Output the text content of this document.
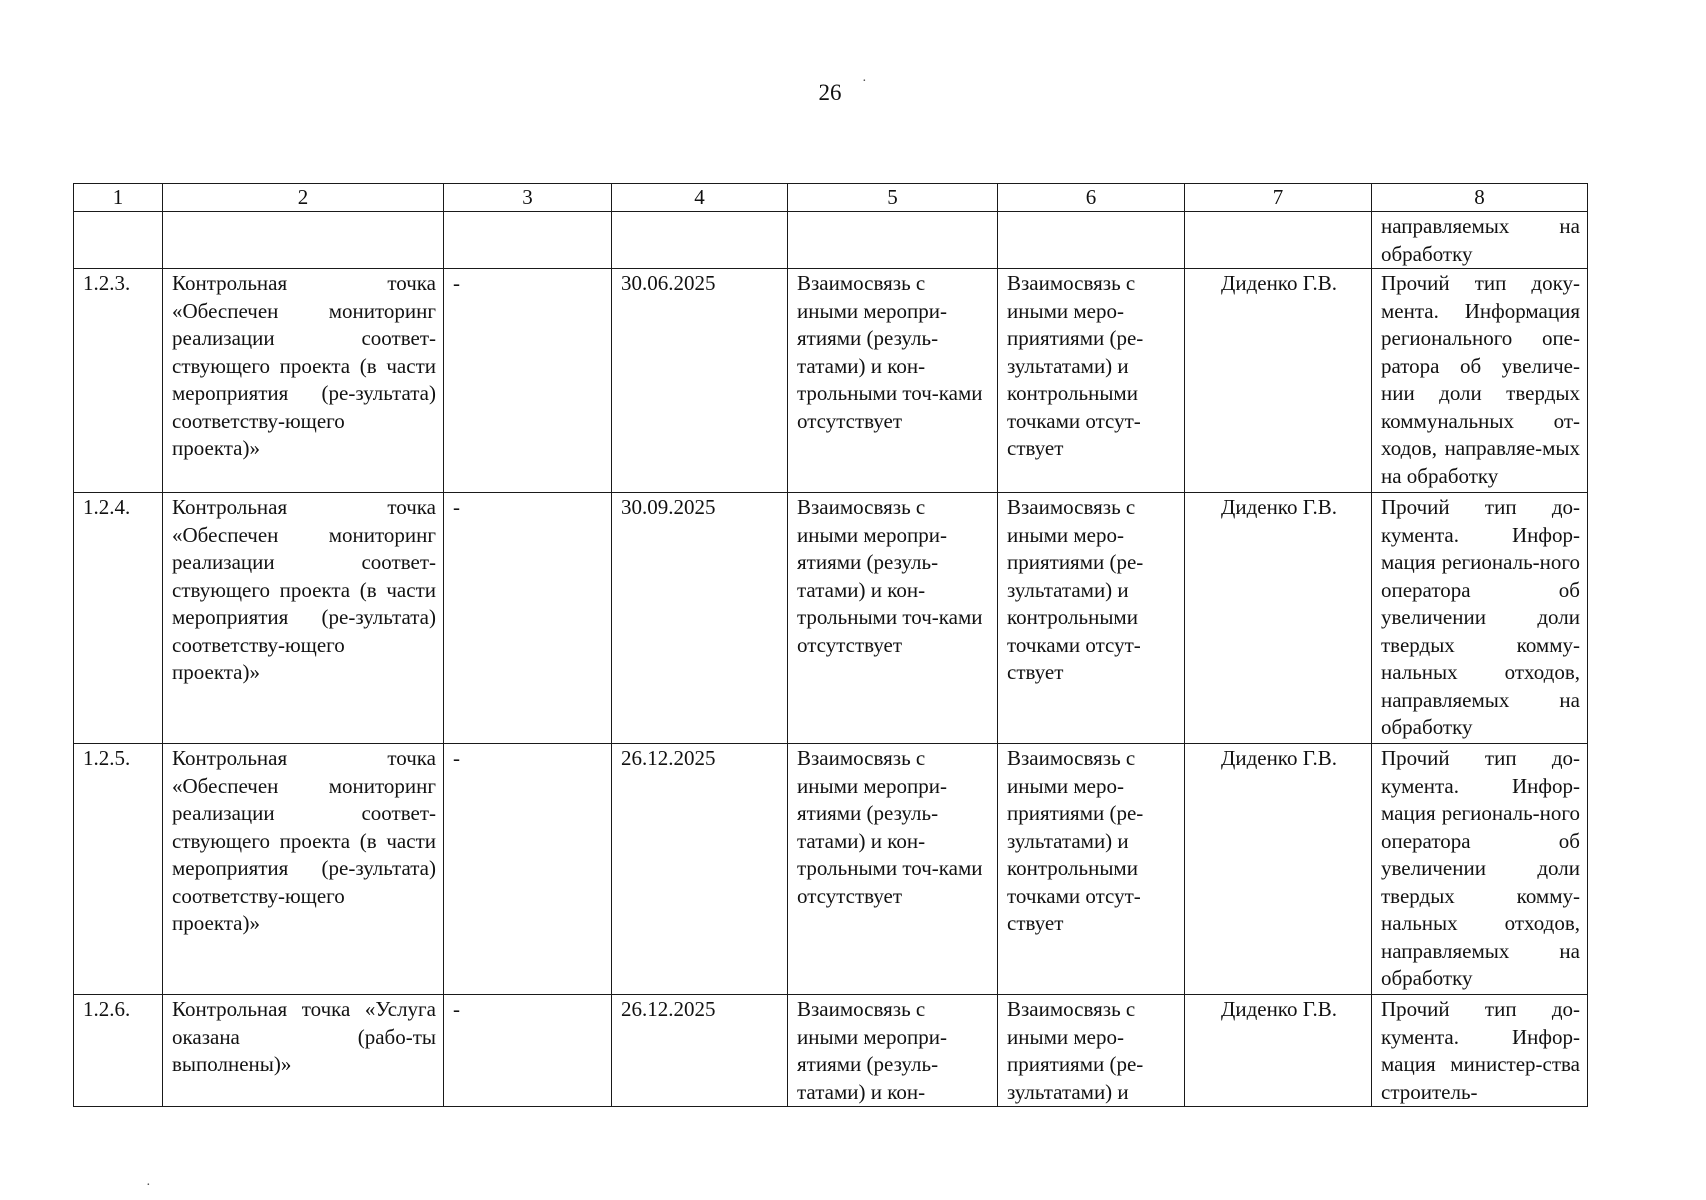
26
1	2	3	4	5	6	7	8
							направляемых на обработку
1.2.3.	Контрольная точка «Обеспечен мониторинг реализации соответ-ствующего проекта (в части мероприятия (ре-зультата) соответству-ющего проекта)»	-	30.06.2025	Взаимосвязь с иными меропри-ятиями (резуль-татами) и кон-трольными точ-ками отсутствует	Взаимосвязь с иными меро-приятиями (ре-зультатами) и контрольными точками отсут-ствует	Диденко Г.В.	Прочий тип доку-мента. Информация регионального опе-ратора об увеличе-нии доли твердых коммунальных от-ходов, направляе-мых на обработку
1.2.4.	Контрольная точка «Обеспечен мониторинг реализации соответ-ствующего проекта (в части мероприятия (ре-зультата) соответству-ющего проекта)»	-	30.09.2025	Взаимосвязь с иными меропри-ятиями (резуль-татами) и кон-трольными точ-ками отсутствует	Взаимосвязь с иными меро-приятиями (ре-зультатами) и контрольными точками отсут-ствует	Диденко Г.В.	Прочий тип до-кумента. Инфор-мация региональ-ного оператора об увеличении доли твердых комму-нальных отходов, направляемых на обработку
1.2.5.	Контрольная точка «Обеспечен мониторинг реализации соответ-ствующего проекта (в части мероприятия (ре-зультата) соответству-ющего проекта)»	-	26.12.2025	Взаимосвязь с иными меропри-ятиями (резуль-татами) и кон-трольными точ-ками отсутствует	Взаимосвязь с иными меро-приятиями (ре-зультатами) и контрольными точками отсут-ствует	Диденко Г.В.	Прочий тип до-кумента. Инфор-мация региональ-ного оператора об увеличении доли твердых комму-нальных отходов, направляемых на обработку
1.2.6.	Контрольная точка «Услуга оказана (рабо-ты выполнены)»	-	26.12.2025	Взаимосвязь с иными меропри-ятиями (резуль-татами) и кон-	Взаимосвязь с иными меро-приятиями (ре-зультатами) и	Диденко Г.В.	Прочий тип до-кумента. Инфор-мация министер-ства строитель-
·
·
